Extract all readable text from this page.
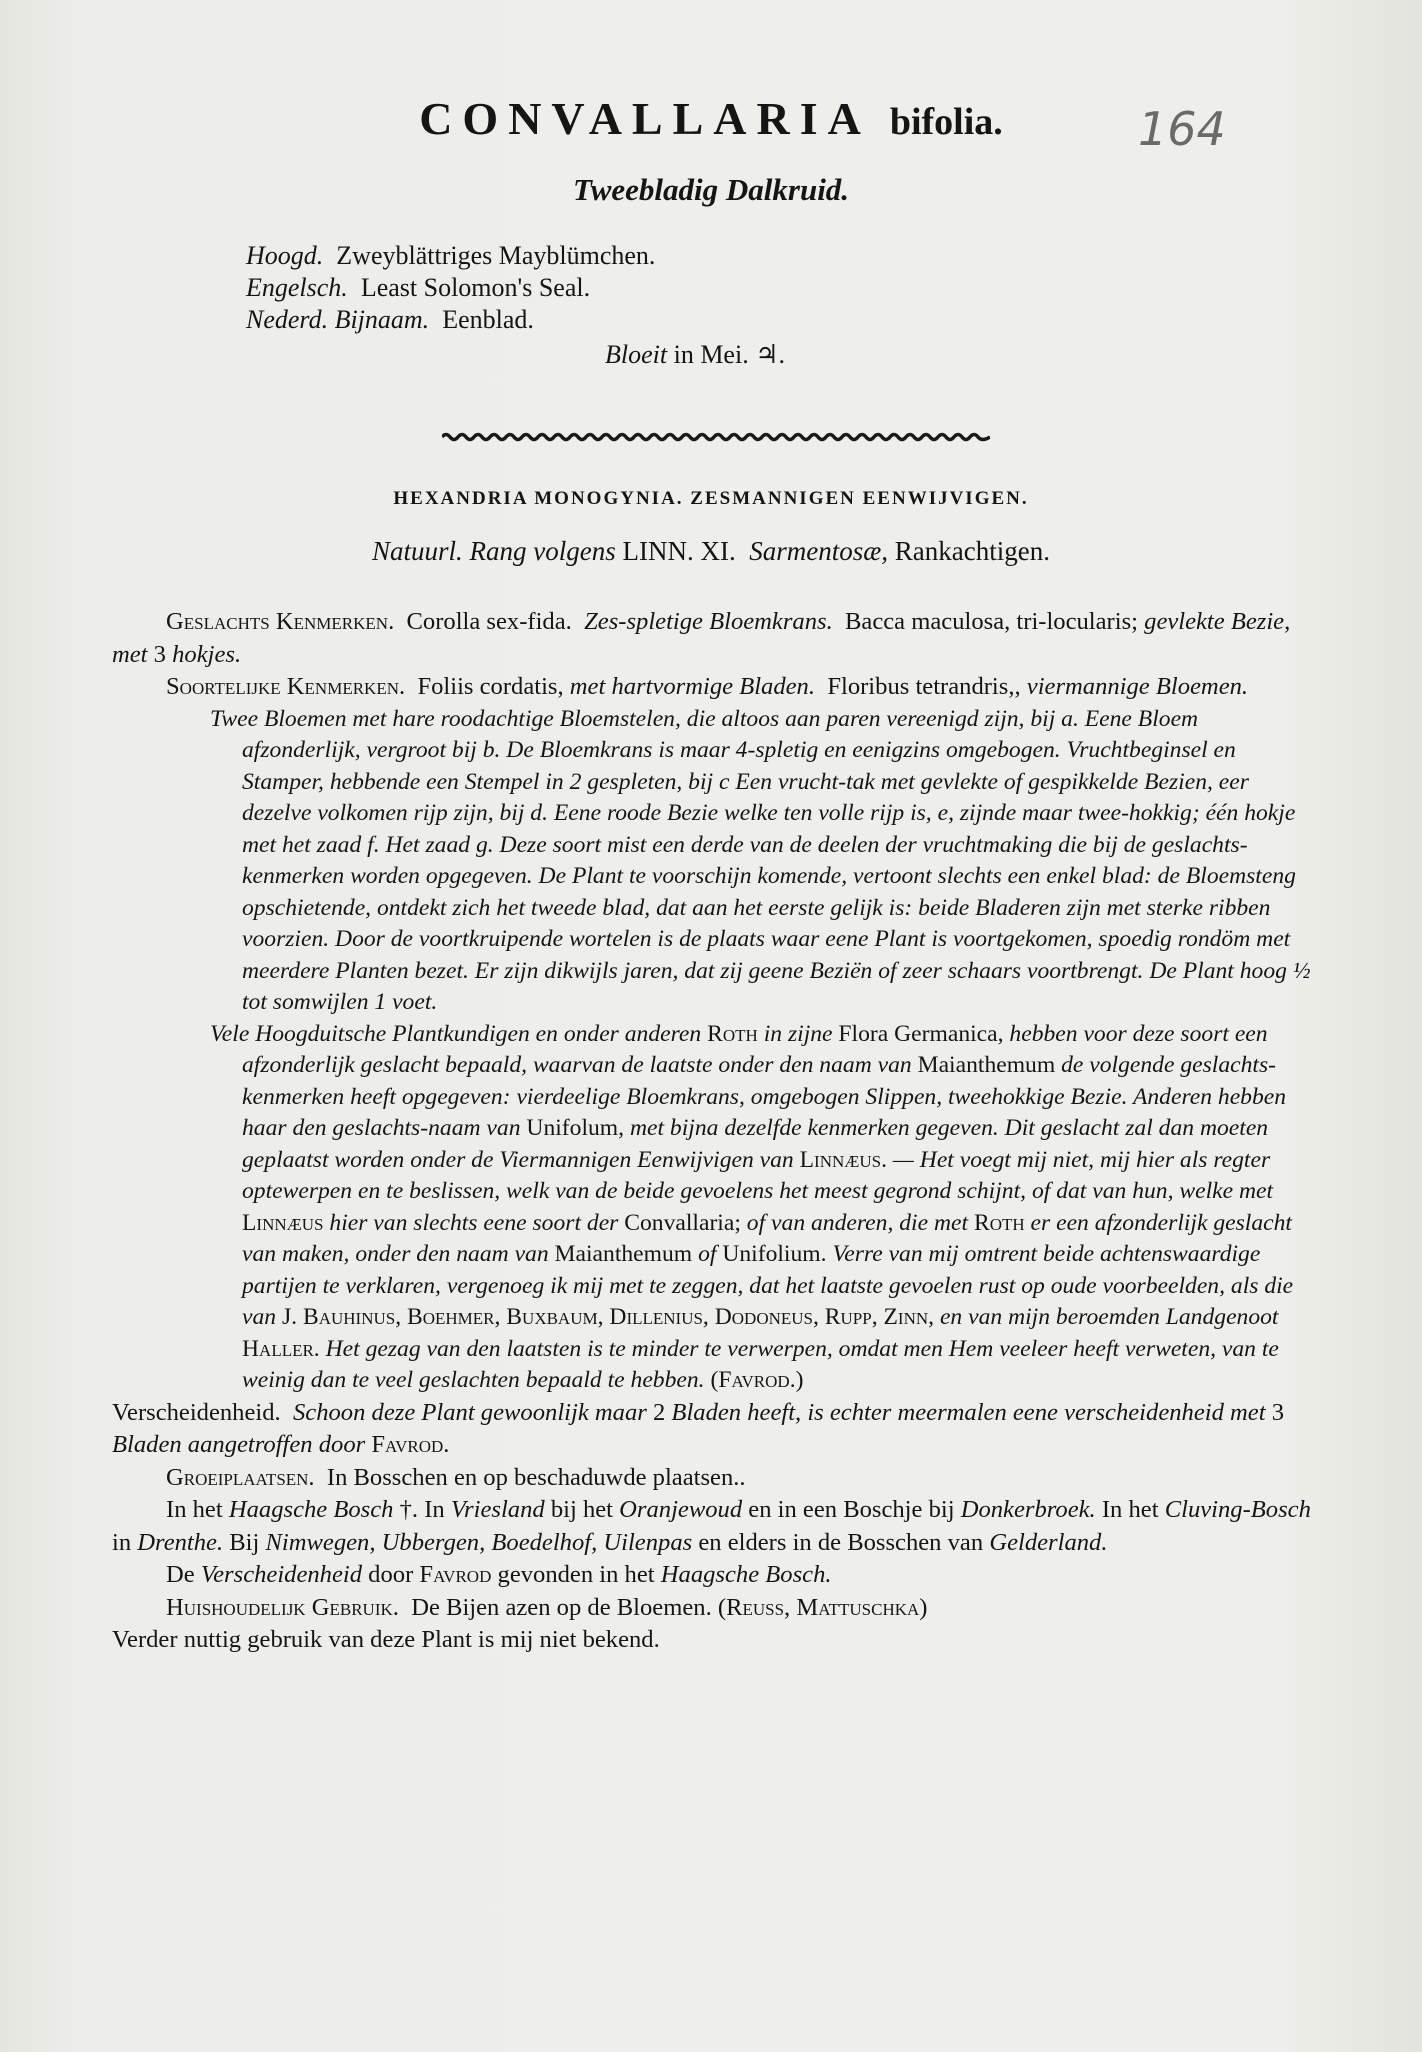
CONVALLARIA bifolia.	164
Tweebladig Dalkruid.
Hoogd. Zweyblättriges Mayblümchen.
Engelsch. Least Solomon's Seal.
Nederd. Bijnaam. Eenblad.
Bloeit in Mei. ♃.
HEXANDRIA MONOGYNIA. ZESMANNIGEN EENWIJVIGEN.
Natuurl. Rang volgens LINN. XI. Sarmentosæ, Rankachtigen.

Geslachts Kenmerken. Corolla sex-fida. Zes-spletige Bloemkrans. Bacca maculosa, tri-locularis; gevlekte Bezie, met 3 hokjes.

Soortelijke Kenmerken. Foliis cordatis, met hartvormige Bladen. Floribus tetrandris,, viermannige Bloemen.

Twee Bloemen met hare roodachtige Bloemstelen, die altoos aan paren vereenigd zijn, bij a. Eene Bloem afzonderlijk, vergroot bij b. De Bloemkrans is maar 4-spletig en eenigzins omgebogen. Vruchtbeginsel en Stamper, hebbende een Stempel in 2 gespleten, bij c Een vrucht-tak met gevlekte of gespikkelde Bezien, eer dezelve volkomen rijp zijn, bij d. Eene roode Bezie welke ten volle rijp is, e, zijnde maar twee-hokkig; één hokje met het zaad f. Het zaad g. Deze soort mist een derde van de deelen der vruchtmaking die bij de geslachts-kenmerken worden opgegeven. De Plant te voorschijn komende, vertoont slechts een enkel blad: de Bloemsteng opschietende, ontdekt zich het tweede blad, dat aan het eerste gelijk is: beide Bladeren zijn met sterke ribben voorzien. Door de voortkruipende wortelen is de plaats waar eene Plant is voortgekomen, spoedig rondöm met meerdere Planten bezet. Er zijn dikwijls jaren, dat zij geene Beziën of zeer schaars voortbrengt. De Plant hoog ½ tot somwijlen 1 voet.

Vele Hoogduitsche Plantkundigen en onder anderen Roth in zijne Flora Germanica, hebben voor deze soort een afzonderlijk geslacht bepaald, waarvan de laatste onder den naam van Maianthemum de volgende geslachts-kenmerken heeft opgegeven: vierdeelige Bloemkrans, omgebogen Slippen, tweehokkige Bezie. Anderen hebben haar den geslachts-naam van Unifolum, met bijna dezelfde kenmerken gegeven. Dit geslacht zal dan moeten geplaatst worden onder de Viermannigen Eenwijvigen van Linnæus. — Het voegt mij niet, mij hier als regter optewerpen en te beslissen, welk van de beide gevoelens het meest gegrond schijnt, of dat van hun, welke met Linnæus hier van slechts eene soort der Convallaria; of van anderen, die met Roth er een afzonderlijk geslacht van maken, onder den naam van Maianthemum of Unifolium. Verre van mij omtrent beide achtenswaardige partijen te verklaren, vergenoeg ik mij met te zeggen, dat het laatste gevoelen rust op oude voorbeelden, als die van J. Bauhinus, Boehmer, Buxbaum, Dillenius, Dodoneus, Rupp, Zinn, en van mijn beroemden Landgenoot Haller. Het gezag van den laatsten is te minder te verwerpen, omdat men Hem veeleer heeft verweten, van te weinig dan te veel geslachten bepaald te hebben. (Favrod.)

Verscheidenheid. Schoon deze Plant gewoonlijk maar 2 Bladen heeft, is echter meermalen eene verscheidenheid met 3 Bladen aangetroffen door Favrod.

Groeiplaatsen. In Bosschen en op beschaduwde plaatsen..

In het Haagsche Bosch †. In Vriesland bij het Oranjewoud en in een Boschje bij Donkerbroek. In het Cluving-Bosch in Drenthe. Bij Nimwegen, Ubbergen, Boedelhof, Uilenpas en elders in de Bosschen van Gelderland.

De Verscheidenheid door Favrod gevonden in het Haagsche Bosch.

Huishoudelijk Gebruik. De Bijen azen op de Bloemen. (Reuss, Mattuschka)

Verder nuttig gebruik van deze Plant is mij niet bekend.
